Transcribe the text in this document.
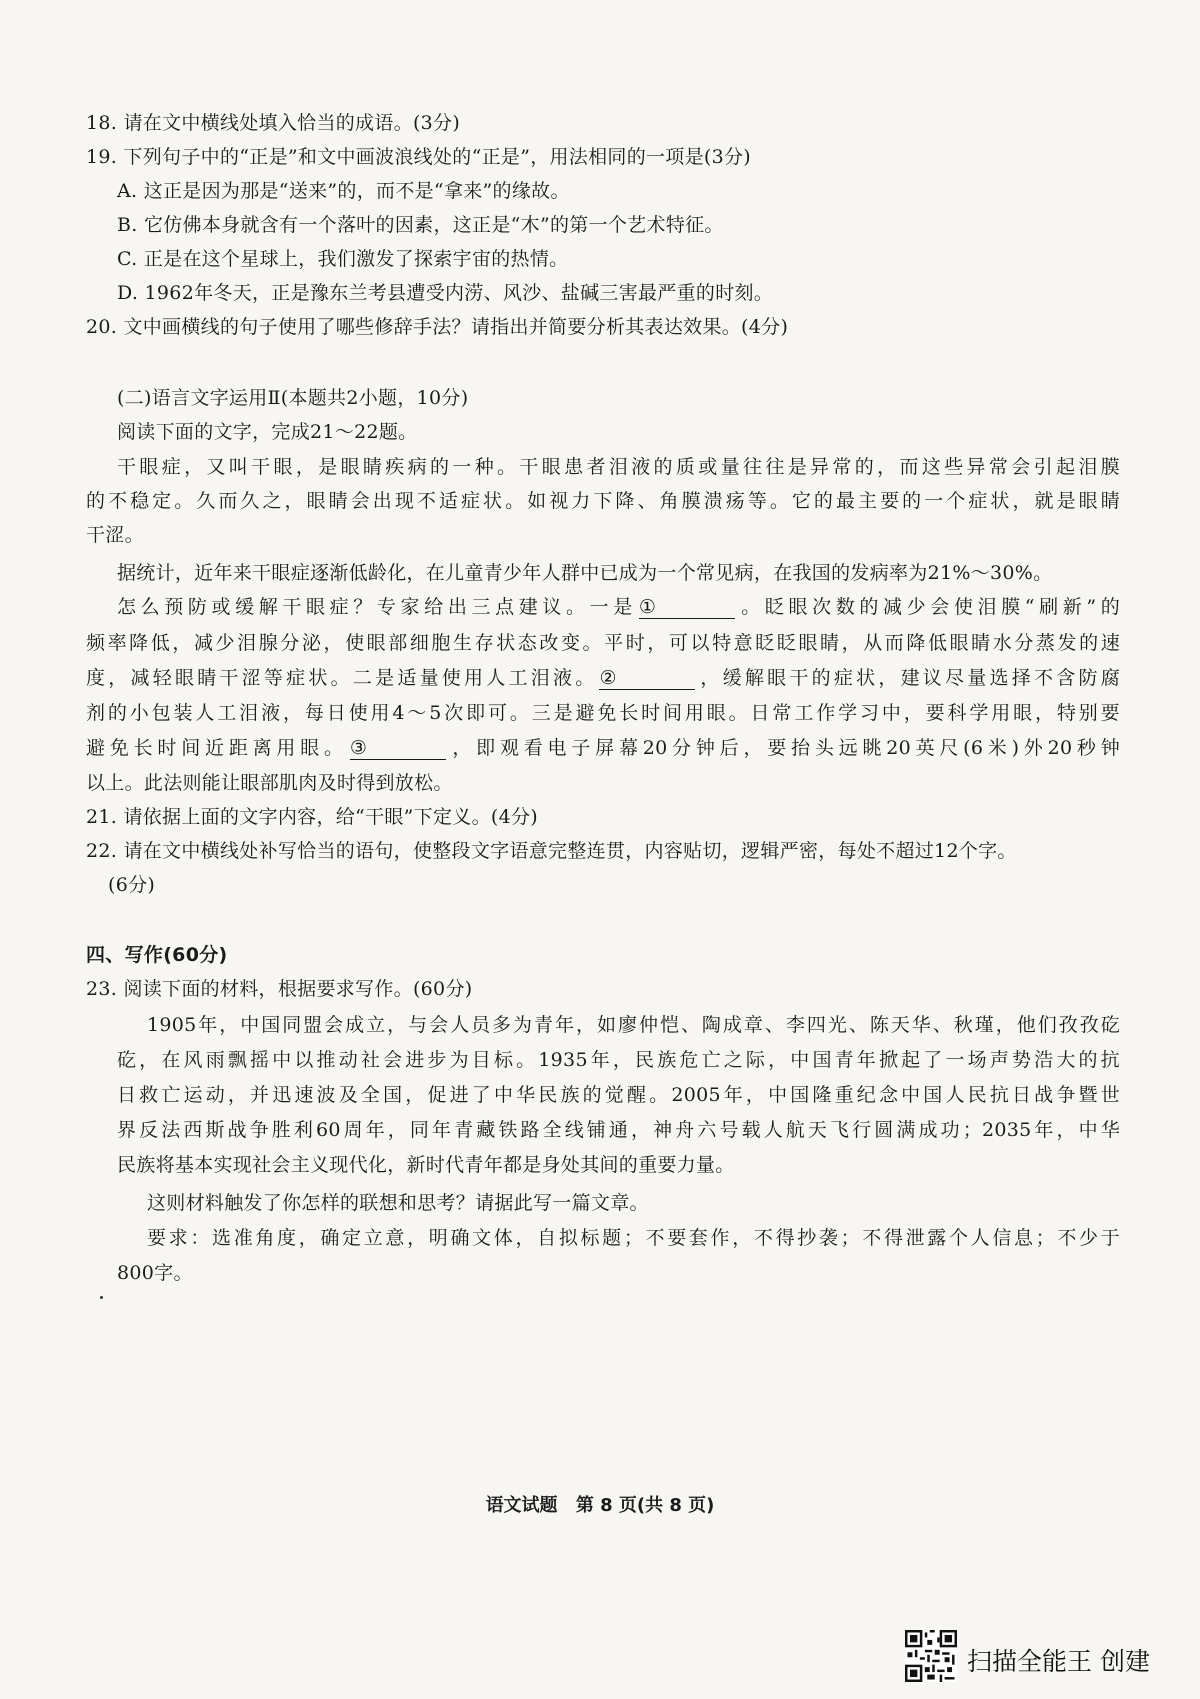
18. 请在文中横线处填入恰当的成语。(3分)
19. 下列句子中的“正是”和文中画波浪线处的“正是”，用法相同的一项是(3分)
A. 这正是因为那是“送来”的，而不是“拿来”的缘故。
B. 它仿佛本身就含有一个落叶的因素，这正是“木”的第一个艺术特征。
C. 正是在这个星球上，我们激发了探索宇宙的热情。
D. 1962年冬天，正是豫东兰考县遭受内涝、风沙、盐碱三害最严重的时刻。
20. 文中画横线的句子使用了哪些修辞手法？请指出并简要分析其表达效果。(4分)
(二)语言文字运用Ⅱ(本题共2小题，10分)
阅读下面的文字，完成21～22题。
干眼症，又叫干眼，是眼睛疾病的一种。干眼患者泪液的质或量往往是异常的，而这些异常会引起泪膜
的不稳定。久而久之，眼睛会出现不适症状。如视力下降、角膜溃疡等。它的最主要的一个症状，就是眼睛
干涩。
据统计，近年来干眼症逐渐低龄化，在儿童青少年人群中已成为一个常见病，在我国的发病率为21%～30%。
怎么预防或缓解干眼症？专家给出三点建议。一是 ①	。眨眼次数的减少会使泪膜“刷新”的
频率降低，减少泪腺分泌，使眼部细胞生存状态改变。平时，可以特意眨眨眼睛，从而降低眼睛水分蒸发的速
度，减轻眼睛干涩等症状。二是适量使用人工泪液。 ②	，缓解眼干的症状，建议尽量选择不含防腐
剂的小包装人工泪液，每日使用4～5次即可。三是避免长时间用眼。日常工作学习中，要科学用眼，特别要
避免长时间近距离用眼。 ③	，即观看电子屏幕20分钟后，要抬头远眺20英尺(6米)外20秒钟
以上。此法则能让眼部肌肉及时得到放松。
21. 请依据上面的文字内容，给“干眼”下定义。(4分)
22. 请在文中横线处补写恰当的语句，使整段文字语意完整连贯，内容贴切，逻辑严密，每处不超过12个字。
(6分)
四、写作(60分)
23. 阅读下面的材料，根据要求写作。(60分)
1905年，中国同盟会成立，与会人员多为青年，如廖仲恺、陶成章、李四光、陈天华、秋瑾，他们孜孜矻
矻，在风雨飘摇中以推动社会进步为目标。1935年，民族危亡之际，中国青年掀起了一场声势浩大的抗
日救亡运动，并迅速波及全国，促进了中华民族的觉醒。2005年，中国隆重纪念中国人民抗日战争暨世
界反法西斯战争胜利60周年，同年青藏铁路全线铺通，神舟六号载人航天飞行圆满成功；2035年，中华
民族将基本实现社会主义现代化，新时代青年都是身处其间的重要力量。
这则材料触发了你怎样的联想和思考？请据此写一篇文章。
要求：选准角度，确定立意，明确文体，自拟标题；不要套作，不得抄袭；不得泄露个人信息；不少于
800字。
语文试题 第 8 页(共 8 页)
扫描全能王 创建
